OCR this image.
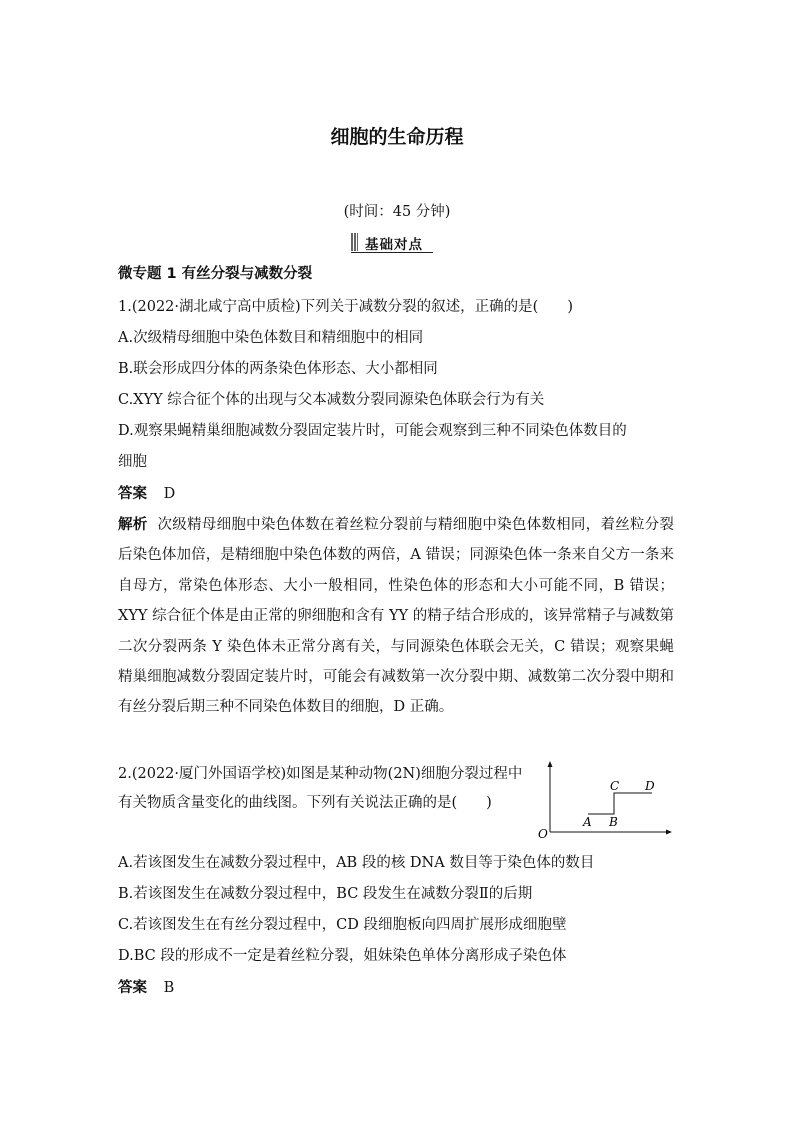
细胞的生命历程
(时间：45 分钟)
基础对点
微专题 1 有丝分裂与减数分裂
1.(2022·湖北咸宁高中质检)下列关于减数分裂的叙述，正确的是(　　)
A.次级精母细胞中染色体数目和精细胞中的相同
B.联会形成四分体的两条染色体形态、大小都相同
C.XYY 综合征个体的出现与父本减数分裂同源染色体联会行为有关
D.观察果蝇精巢细胞减数分裂固定装片时，可能会观察到三种不同染色体数目的
细胞
答案 D
解析 次级精母细胞中染色体数在着丝粒分裂前与精细胞中染色体数相同，着丝粒分裂后染色体加倍，是精细胞中染色体数的两倍，A 错误；同源染色体一条来自父方一条来自母方，常染色体形态、大小一般相同，性染色体的形态和大小可能不同，B 错误；XYY 综合征个体是由正常的卵细胞和含有 YY 的精子结合形成的，该异常精子与减数第二次分裂两条 Y 染色体未正常分离有关，与同源染色体联会无关，C 错误；观察果蝇精巢细胞减数分裂固定装片时，可能会有减数第一次分裂中期、减数第二次分裂中期和有丝分裂后期三种不同染色体数目的细胞，D 正确。
2.(2022·厦门外国语学校)如图是某种动物(2N)细胞分裂过程中有关物质含量变化的曲线图。下列有关说法正确的是(　　)
O
A B
C D
A.若该图发生在减数分裂过程中，AB 段的核 DNA 数目等于染色体的数目
B.若该图发生在减数分裂过程中，BC 段发生在减数分裂Ⅱ的后期
C.若该图发生在有丝分裂过程中，CD 段细胞板向四周扩展形成细胞壁
D.BC 段的形成不一定是着丝粒分裂，姐妹染色单体分离形成子染色体
答案 B
